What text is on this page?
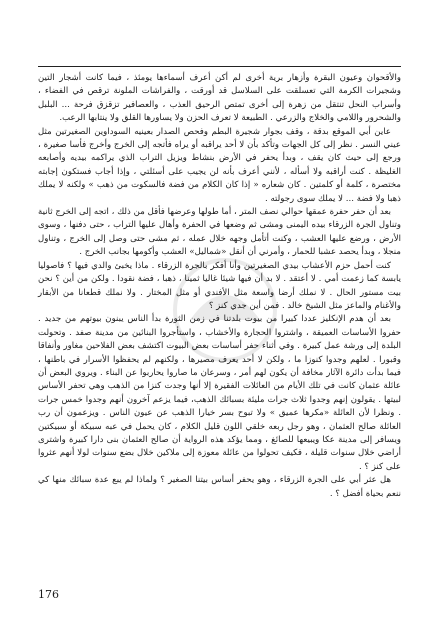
والأقحوان وعيون البقرة وأزهار برية أخرى لم أكن أعرف أسماءها يومئذ ، فيما كانت أشجار التين وشجيرات الكرمة التي تعسلقت على السلاسل قد أورقت ، والفراشات الملونة ترقص في الفضاء ، وأسراب النحل تنتقل من زهرة إلى أخرى تمتص الرحيق العذب ، والعصافير تزقزق فرحة ... البلبل والشحرور واللامي والخلاج والزرعي . الطبيعة لا تعرف الحزن ولا يساورها القلق ولا ينتابها الرعب.

عاين أبي الموقع بدقة ، وقف بجوار شجيرة البطم وفحص الصدار بعينيه السوداوين الصغيرتين مثل عيني النسر . نظر إلى كل الجهات وتأكد بأن لا أحد يراقبه أو يراه فأتجه إلى الخرج وأخرج فأسا صغيرة ، ورجع إلى حيث كان يقف ، وبدأ يحفر في الأرض بنشاط ويزيل التراب الذي يراكمه بيديه وأصابعه الغليظة . كنت أراقبه ولا أسأله ، لأنني أعرف بأنه لن يجيب على أسئلتي ، وإذا أجاب فستكون إجابته مختصرة ، كلمة أو كلمتين . كان شعاره « إذا كان الكلام من فضة فالسكوت من ذهب » ولكنه لا يملك ذهبا ولا فضة ... لا يملك سوى رجولته .

بعد أن حفر حفرة عمقها حوالي نصف المتر ، أما طولها وعرضها فأقل من ذلك ، اتجه إلى الخرج ثانية وتناول الجرة الزرقاء بيده اليمنى ومشى ثم وضعها في الحفرة وأهال عليها التراب ، حتى دفنها ، وسوى الأرض ، ورضع عليها العشب ، وكنت أتأمل وجهه خلال عمله ، ثم مشى حتى وصل إلى الخرج ، وتناول منجلا ، وبدأ يحصد عشبا للحمار ، وأمرني أن أنقل «شماليل» العشب وأكومها بجانب الخرج .

كنت أحمل حزم الأعشاب بيدي الصغيرتين وأنا أفكر بالجرة الزرقاء . ماذا يخبئ والدي فيها ؟ فاصوليا يابسة كما زعمت أمي . لا أعتقد . لا بد أن فيها شيئا غاليا ثمينا ، ذهبا ، فضة نقودا . ولكن من أين ؟ نحن بيت مستور الحال . لا نملك أرضا واسعة مثل الأفندي أو مثل المختار . ولا نملك قطعانا من الأبقار والأغنام والماعز مثل الشيخ خالد . فمن أين جدي كنز ؟

بعد أن هدم الإنكليز عددا كبيرا من بيوت بلدتنا في زمن الثورة بدأ الناس يبنون بيوتهم من جديد . حفروا الأساسات العميقة ، واشتروا الحجارة والأخشاب ، واستأجروا البنائين من مدينة صفد . وتحولت البلدة إلى ورشة عمل كبيرة . وفي أثناء حفر أساسات بعض البيوت اكتشف بعض الفلاحين مغاور وأنفاقا وقبورا . لعلهم وجدوا كنوزا ما ، ولكن لا أحد يعرف مصيرها ، ولكنهم لم يحفظوا الأسرار في باطنها ، فيما بدأت دائرة الآثار مخافة أن يكون لهم أمر ، وسرعان ما صاروا يحاربوا عن البناء . ويروي البعض أن عائلة عثمان كانت في تلك الأيام من العائلات الفقيرة إلا أنها وجدت كنزا من الذهب وهي تحفر الأساس لبيتها . يقولون إنهم وجدوا ثلاث جرات مليئة بسبائك الذهب، فيما يزعم آخرون أنهم وجدوا خمس جرات . ونظرا لأن العائلة «مكرها عميق » ولا تبوح بسر خيارا الذهب عن عيون الناس . ويزعمون أن رب العائلة صالح العثمان ، وهو رجل ربعه خلقي اللون قليل الكلام ، كان يحمل في عبه سبيكة أو سبيكتين ويسافر إلى مدينة عكا ويبيعها للصائغ ، ومما يؤكد هذه الرواية أن صالح العثمان بنى دارا كبيرة واشترى أراضي خلال سنوات قليلة ، فكيف تحولوا من عائلة معوزة إلى ملاكين خلال بضع سنوات لولا أنهم عثروا على كنز ؟ .

هل عثر أبي على الجرة الزرقاء ، وهو يحفر أساس بيتنا الصغير ؟ ولماذا لم يبع عدة سبائك منها كي ننعم بحياة أفضل ؟ .

176
